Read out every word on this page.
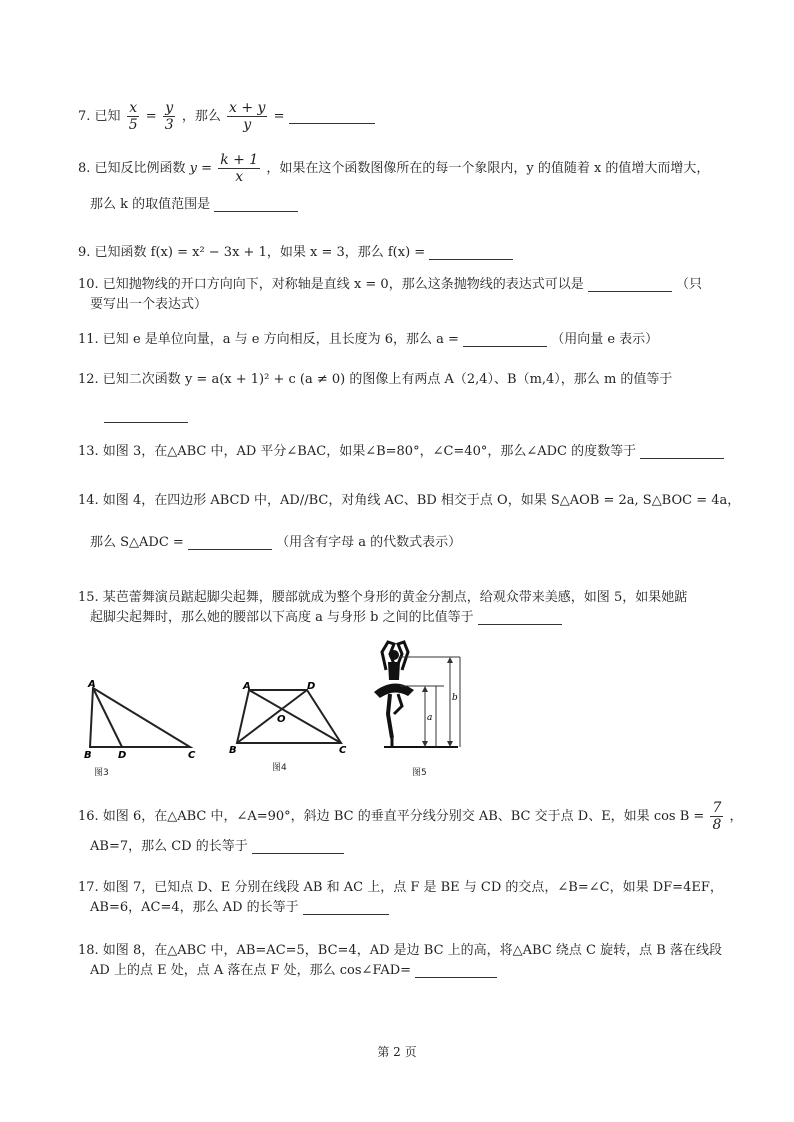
7. 已知 $\frac{x}{5} = \frac{y}{3}$ ，那么 $\frac{x + y}{y}$ =
8. 已知反比例函数 $y = \frac{k + 1}{x}$ ，如果在这个函数图像所在的每一个象限内，y 的值随着 x 的值增大而增大，
那么 k 的取值范围是
9. 已知函数 f(x) = x² − 3x + 1，如果 x = 3，那么 f(x) =
10. 已知抛物线的开口方向向下，对称轴是直线 x = 0，那么这条抛物线的表达式可以是	（只
要写出一个表达式）
11. 已知 e 是单位向量，a 与 e 方向相反，且长度为 6，那么 a =	（用向量 e 表示）
12. 已知二次函数 y = a(x + 1)² + c (a ≠ 0) 的图像上有两点 A（2,4）、B（m,4），那么 m 的值等于
13. 如图 3，在△ABC 中，AD 平分∠BAC，如果∠B=80°，∠C=40°，那么∠ADC 的度数等于
14. 如图 4，在四边形 ABCD 中，AD//BC，对角线 AC、BD 相交于点 O，如果 S△AOB = 2a, S△BOC = 4a，
那么 S△ADC =	（用含有字母 a 的代数式表示）
15. 某芭蕾舞演员踮起脚尖起舞，腰部就成为整个身形的黄金分割点，给观众带来美感，如图 5，如果她踮
起脚尖起舞时，那么她的腰部以下高度 a 与身形 b 之间的比值等于
A
B	D	C
图3
A	D
O
B	C
图4
a
b
图5
16. 如图 6，在△ABC 中，∠A=90°，斜边 BC 的垂直平分线分别交 AB、BC 交于点 D、E，如果 $\cos B = \frac{7}{8}$ ，
AB=7，那么 CD 的长等于
17. 如图 7，已知点 D、E 分别在线段 AB 和 AC 上，点 F 是 BE 与 CD 的交点，∠B=∠C，如果 DF=4EF，
AB=6，AC=4，那么 AD 的长等于
18. 如图 8，在△ABC 中，AB=AC=5，BC=4，AD 是边 BC 上的高，将△ABC 绕点 C 旋转，点 B 落在线段
AD 上的点 E 处，点 A 落在点 F 处，那么 cos∠FAD=
第 2 页
